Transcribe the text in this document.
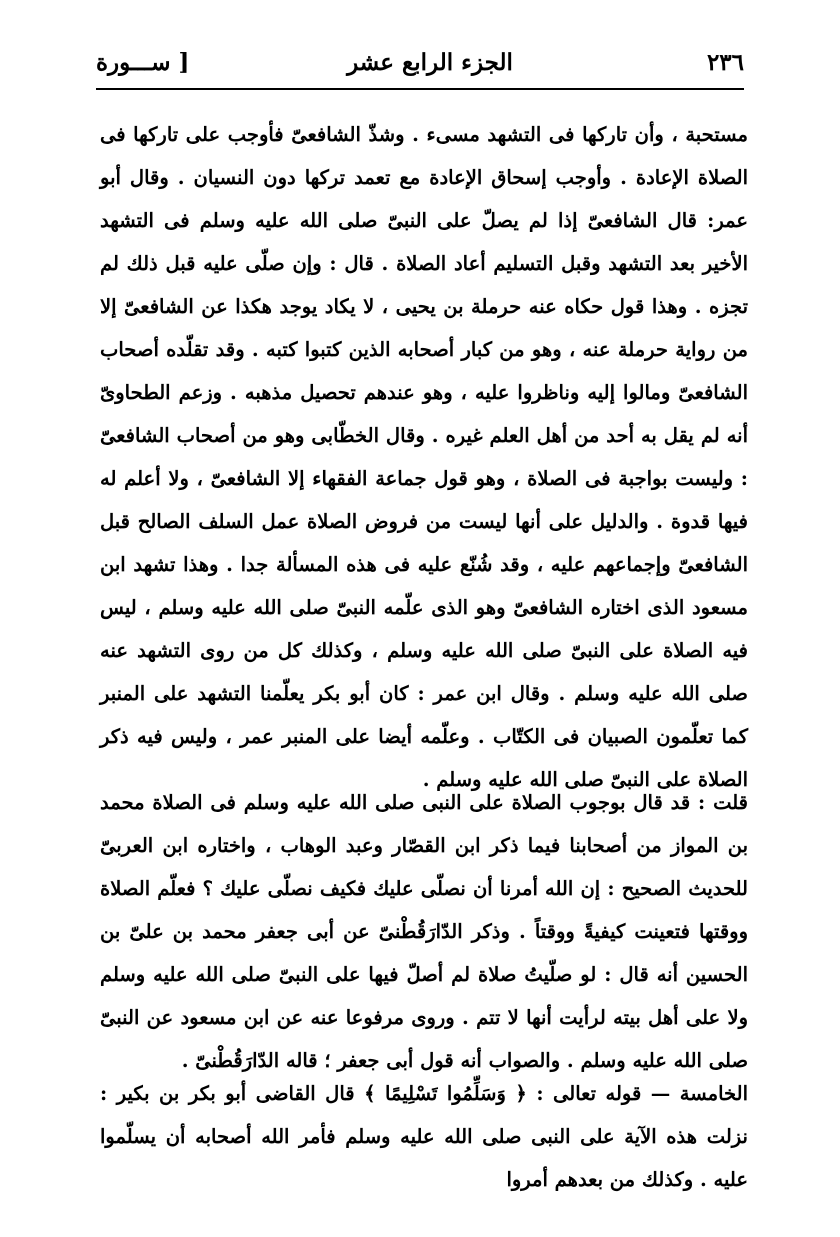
٢٣٦
الجزء الرابع عشر
[ ســـورة

مستحبة ، وأن تاركها فى التشهد مسىء . وشذّ الشافعىّ فأوجب على تاركها فى الصلاة الإعادة . وأوجب إسحاق الإعادة مع تعمد تركها دون النسيان . وقال أبو عمر: قال الشافعىّ إذا لم يصلّ على النبىّ صلى الله عليه وسلم فى التشهد الأخير بعد التشهد وقبل التسليم أعاد الصلاة . قال : وإن صلّى عليه قبل ذلك لم تجزه . وهذا قول حكاه عنه حرملة بن يحيى ، لا يكاد يوجد هكذا عن الشافعىّ إلا من رواية حرملة عنه ، وهو من كبار أصحابه الذين كتبوا كتبه . وقد تقلّده أصحاب الشافعىّ ومالوا إليه وناظروا عليه ، وهو عندهم تحصيل مذهبه . وزعم الطحاوىّ أنه لم يقل به أحد من أهل العلم غيره . وقال الخطّابى وهو من أصحاب الشافعىّ : وليست بواجبة فى الصلاة ، وهو قول جماعة الفقهاء إلا الشافعىّ ، ولا أعلم له فيها قدوة . والدليل على أنها ليست من فروض الصلاة عمل السلف الصالح قبل الشافعىّ وإجماعهم عليه ، وقد شُنّع عليه فى هذه المسألة جدا . وهذا تشهد ابن مسعود الذى اختاره الشافعىّ وهو الذى علّمه النبىّ صلى الله عليه وسلم ، ليس فيه الصلاة على النبىّ صلى الله عليه وسلم ، وكذلك كل من روى التشهد عنه صلى الله عليه وسلم . وقال ابن عمر : كان أبو بكر يعلّمنا التشهد على المنبر كما تعلّمون الصبيان فى الكتّاب . وعلّمه أيضا على المنبر عمر ، وليس فيه ذكر الصلاة على النبىّ صلى الله عليه وسلم .

قلت : قد قال بوجوب الصلاة على النبى صلى الله عليه وسلم فى الصلاة محمد بن المواز من أصحابنا فيما ذكر ابن القصّار وعبد الوهاب ، واختاره ابن العربىّ للحديث الصحيح : إن الله أمرنا أن نصلّى عليك فكيف نصلّى عليك ؟ فعلّم الصلاة ووقتها فتعينت كيفيةً ووقتاً . وذكر الدّارَقُطْنىّ عن أبى جعفر محمد بن علىّ بن الحسين أنه قال : لو صلّيتُ صلاة لم أصلّ فيها على النبىّ صلى الله عليه وسلم ولا على أهل بيته لرأيت أنها لا تتم . وروى مرفوعا عنه عن ابن مسعود عن النبىّ صلى الله عليه وسلم . والصواب أنه قول أبى جعفر ؛ قاله الدّارَقُطْنىّ .

الخامسة — قوله تعالى : ﴿ وَسَلِّمُوا تَسْلِيمًا ﴾ قال القاضى أبو بكر بن بكير : نزلت هذه الآية على النبى صلى الله عليه وسلم فأمر الله أصحابه أن يسلّموا عليه . وكذلك من بعدهم أمروا
